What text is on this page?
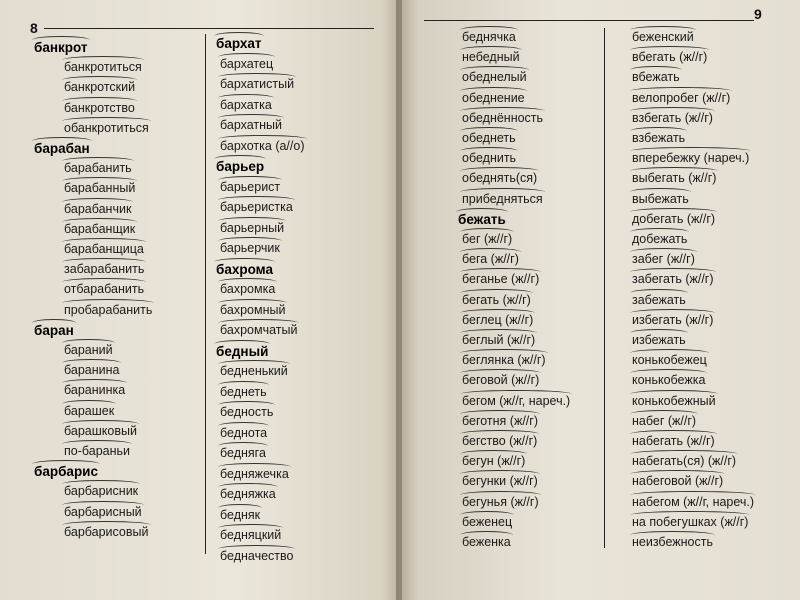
8
банкрот
банкротиться
банкротский
банкротство
обанкротиться
барабан
барабанить
барабанный
барабанчик
барабанщик
барабанщица
забарабанить
отбарабанить
пробарабанить
баран
бараний
баранина
баранинка
барашек
барашковый
по-бараньи
барбарис
барбарисник
барбарисный
барбарисовый
бархат
бархатец
бархатистый
бархатка
бархатный
бархотка (а//о)
барьер
барьерист
барьеристка
барьерный
барьерчик
бахрома
бахромка
бахромный
бахромчатый
бедный
бедненький
беднеть
бедность
беднота
бедняга
бедняжечка
бедняжка
бедняк
бедняцкий
бедначество
9
беднячка
небедный
обеднелый
обеднение
обеднённость
обеднеть
обеднить
обеднять(ся)
прибедняться
бежать
бег (ж//г)
бега (ж//г)
беганье (ж//г)
бегать (ж//г)
беглец (ж//г)
беглый (ж//г)
беглянка (ж//г)
беговой (ж//г)
бегом (ж//г, нареч.)
беготня (ж//г)
бегство (ж//г)
бегун (ж//г)
бегунки (ж//г)
бегунья (ж//г)
беженец
беженка
беженский
вбегать (ж//г)
вбежать
велопробег (ж//г)
взбегать (ж//г)
взбежать
вперебежку (нареч.)
выбегать (ж//г)
выбежать
добегать (ж//г)
добежать
забег (ж//г)
забегать (ж//г)
забежать
избегать (ж//г)
избежать
конькобежец
конькобежка
конькобежный
набег (ж//г)
набегать (ж//г)
набегать(ся) (ж//г)
набеговой (ж//г)
набегом (ж//г, нареч.)
на побегушках (ж//г)
неизбежность
